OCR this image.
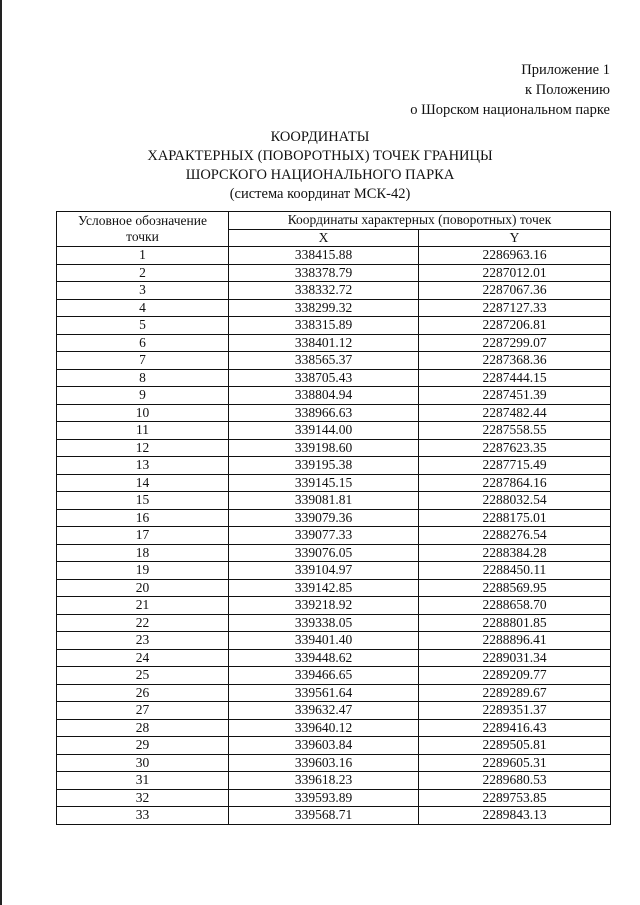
Приложение 1
к Положению
о Шорском национальном парке
КООРДИНАТЫ
ХАРАКТЕРНЫХ (ПОВОРОТНЫХ) ТОЧЕК ГРАНИЦЫ
ШОРСКОГО НАЦИОНАЛЬНОГО ПАРКА
(система координат МСК-42)
Условное обозначение
точки	Координаты характерных (поворотных) точек	
	X	Y
1	338415.88	2286963.16
2	338378.79	2287012.01
3	338332.72	2287067.36
4	338299.32	2287127.33
5	338315.89	2287206.81
6	338401.12	2287299.07
7	338565.37	2287368.36
8	338705.43	2287444.15
9	338804.94	2287451.39
10	338966.63	2287482.44
11	339144.00	2287558.55
12	339198.60	2287623.35
13	339195.38	2287715.49
14	339145.15	2287864.16
15	339081.81	2288032.54
16	339079.36	2288175.01
17	339077.33	2288276.54
18	339076.05	2288384.28
19	339104.97	2288450.11
20	339142.85	2288569.95
21	339218.92	2288658.70
22	339338.05	2288801.85
23	339401.40	2288896.41
24	339448.62	2289031.34
25	339466.65	2289209.77
26	339561.64	2289289.67
27	339632.47	2289351.37
28	339640.12	2289416.43
29	339603.84	2289505.81
30	339603.16	2289605.31
31	339618.23	2289680.53
32	339593.89	2289753.85
33	339568.71	2289843.13
